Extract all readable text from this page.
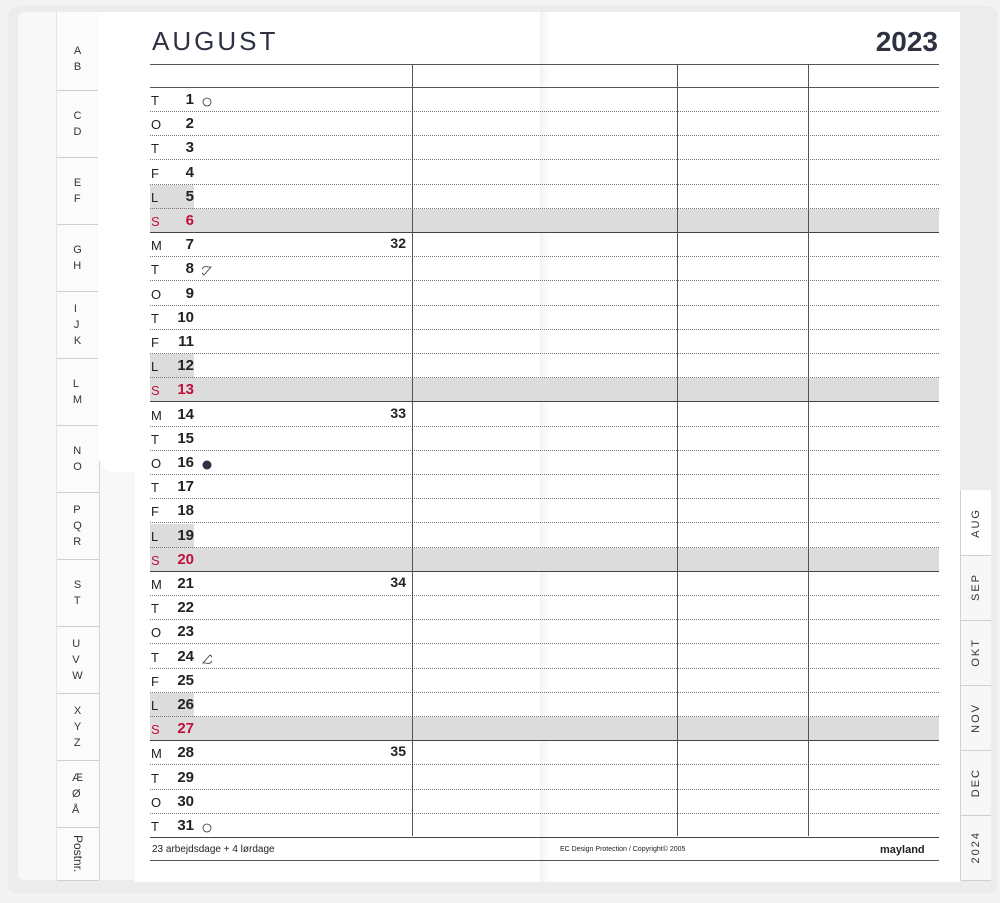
A
B
C
D
E
F
G
H
I
J
K
L
M
N
O
P
Q
R
S
T
U
V
W
X
Y
Z
Æ
Ø
Å
Postnr.
AUGUST	2023
T	1
O	2
T	3
F	4
L	5
S	6
M	7	32
T	8
O	9
T	10
F	11
L	12
S	13
M	14	33
T	15
O	16
T	17
F	18
L	19
S	20
M	21	34
T	22
O	23
T	24
F	25
L	26
S	27
M	28	35
T	29
O	30
T	31
23 arbejdsdage + 4 lørdage	EC Design Protection / Copyright© 2005	mayland
AUG
SEP
OKT
NOV
DEC
2024
